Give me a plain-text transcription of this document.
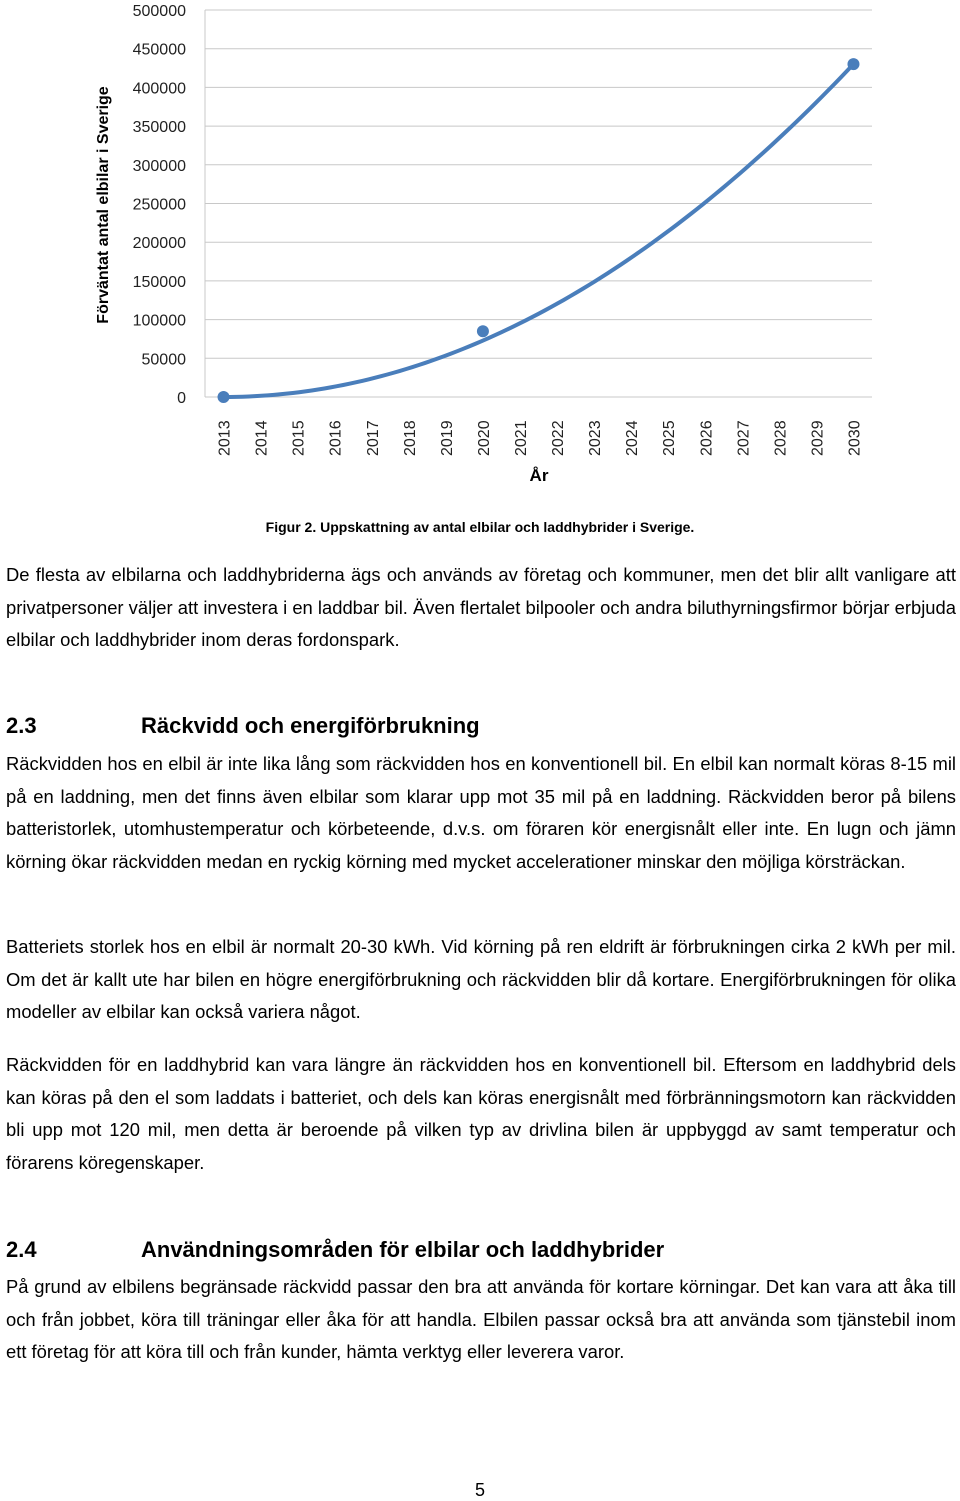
0
50000
100000
150000
200000
250000
300000
350000
400000
450000
500000
2013 2014 2015 2016 2017 2018 2019 2020 2021 2022 2023 2024 2025 2026 2027 2028 2029 2030
Förväntat antal elbilar i Sverige
År
Figur 2. Uppskattning av antal elbilar och laddhybrider i Sverige.

De flesta av elbilarna och laddhybriderna ägs och används av företag och kommuner, men det blir allt vanligare att privatpersoner väljer att investera i en laddbar bil. Även flertalet bilpooler och andra biluthyrningsfirmor börjar erbjuda elbilar och laddhybrider inom deras fordonspark.

2.3	Räckvidd och energiförbrukning

Räckvidden hos en elbil är inte lika lång som räckvidden hos en konventionell bil. En elbil kan normalt köras 8-15 mil på en laddning, men det finns även elbilar som klarar upp mot 35 mil på en laddning. Räckvidden beror på bilens batteristorlek, utomhustemperatur och körbeteende, d.v.s. om föraren kör energisnålt eller inte. En lugn och jämn körning ökar räckvidden medan en ryckig körning med mycket accelerationer minskar den möjliga körsträckan.

Batteriets storlek hos en elbil är normalt 20-30 kWh. Vid körning på ren eldrift är förbrukningen cirka 2 kWh per mil. Om det är kallt ute har bilen en högre energiförbrukning och räckvidden blir då kortare. Energiförbrukningen för olika modeller av elbilar kan också variera något.

Räckvidden för en laddhybrid kan vara längre än räckvidden hos en konventionell bil. Eftersom en laddhybrid dels kan köras på den el som laddats i batteriet, och dels kan köras energisnålt med förbränningsmotorn kan räckvidden bli upp mot 120 mil, men detta är beroende på vilken typ av drivlina bilen är uppbyggd av samt temperatur och förarens köregenskaper.

2.4	Användningsområden för elbilar och laddhybrider

På grund av elbilens begränsade räckvidd passar den bra att använda för kortare körningar. Det kan vara att åka till och från jobbet, köra till träningar eller åka för att handla. Elbilen passar också bra att använda som tjänstebil inom ett företag för att köra till och från kunder, hämta verktyg eller leverera varor.

5
